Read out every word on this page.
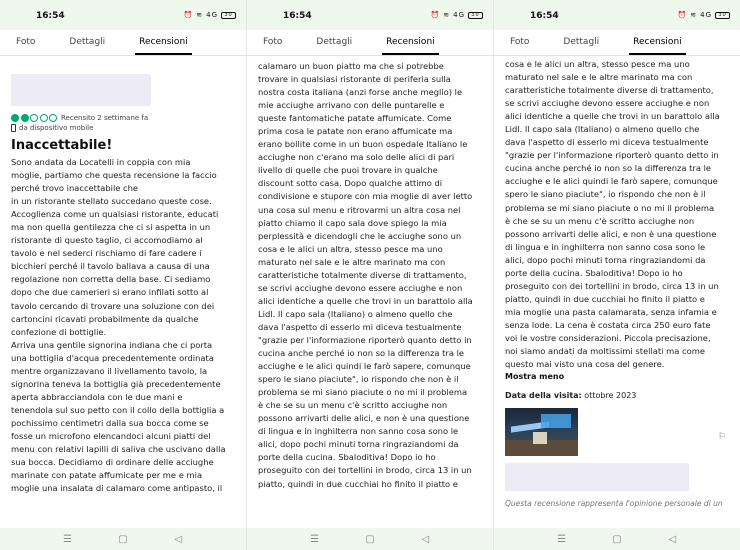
16:54	⏰ ≋ 4G	30
Foto	Dettagli	Recensioni
Recensito 2 settimane fa
da dispositivo mobile
Inaccettabile!
Sono andata da Locatelli in coppia con mia
moglie, partiamo che questa recensione la faccio
perché trovo inaccettabile che
in un ristorante stellato succedano queste cose.
Accoglienza come un qualsiasi ristorante, educati
ma non quella gentilezza che ci si aspetta in un
ristorante di questo taglio, ci accomodiamo al
tavolo e nel sederci rischiamo di fare cadere i
bicchieri perché il tavolo ballava a causa di una
regolazione non corretta della base. Ci sediamo
dopo che due camerieri si erano infilati sotto al
tavolo cercando di trovare una soluzione con dei
cartoncini ricavati probabilmente da qualche
confezione di bottiglie.
Arriva una gentile signorina indiana che ci porta
una bottiglia d'acqua precedentemente ordinata
mentre organizzavano il livellamento tavolo, la
signorina teneva la bottiglia già precedentemente
aperta abbracciandola con le due mani e
tenendola sul suo petto con il collo della bottiglia a
pochissimo centimetri dalla sua bocca come se
fosse un microfono elencandoci alcuni piatti del
menu con relativi lapilli di saliva che uscivano dalla
sua bocca. Decidiamo di ordinare delle acciughe
marinate con patate affumicate per me e mia
moglie una insalata di calamaro come antipasto, il
☰	▢	◁
16:54	⏰ ≋ 4G	30
Foto	Dettagli	Recensioni
calamaro un buon piatto ma che si potrebbe
trovare in qualsiasi ristorante di periferia sulla
nostra costa italiana (anzi forse anche meglio) le
mie acciughe arrivano con delle puntarelle e
queste fantomatiche patate affumicate. Come
prima cosa le patate non erano affumicate ma
erano bollite come in un buon ospedale Italiano le
acciughe non c'erano ma solo delle alici di pari
livello di quelle che puoi trovare in qualche
discount sotto casa. Dopo qualche attimo di
condivisione e stupore con mia moglie di aver letto
una cosa sul menu e ritrovarmi un altra cosa nel
piatto chiamo il capo sala dove spiego la mia
perplessità e dicendogli che le acciughe sono un
cosa e le alici un altra, stesso pesce ma uno
maturato nel sale e le altre marinato ma con
caratteristiche totalmente diverse di trattamento,
se scrivi acciughe devono essere acciughe e non
alici identiche a quelle che trovi in un barattolo alla
Lidl. Il capo sala (Italiano) o almeno quello che
dava l'aspetto di esserlo mi diceva testualmente
"grazie per l'informazione riporterò quanto detto in
cucina anche perché io non so la differenza tra le
acciughe e le alici quindi le farò sapere, comunque
spero le siano piaciute", io rispondo che non è il
problema se mi siano piaciute o no mi il problema
è che se su un menu c'è scritto acciughe non
possono arrivarti delle alici, e non è una questione
di lingua e in inghilterra non sanno cosa sono le
alici, dopo pochi minuti torna ringraziandomi da
porte della cucina. Sbaloditiva! Dopo io ho
proseguito con dei tortellini in brodo, circa 13 in un
piatto, quindi in due cucchiai ho finito il piatto e
☰	▢	◁
16:54	⏰ ≋ 4G	30
Foto	Dettagli	Recensioni
cosa e le alici un altra, stesso pesce ma uno
maturato nel sale e le altre marinato ma con
caratteristiche totalmente diverse di trattamento,
se scrivi acciughe devono essere acciughe e non
alici identiche a quelle che trovi in un barattolo alla
Lidl. Il capo sala (Italiano) o almeno quello che
dava l'aspetto di esserlo mi diceva testualmente
"grazie per l'informazione riporterò quanto detto in
cucina anche perché io non so la differenza tra le
acciughe e le alici quindi le farò sapere, comunque
spero le siano piaciute", io rispondo che non è il
problema se mi siano piaciute o no mi il problema
è che se su un menu c'è scritto acciughe non
possono arrivarti delle alici, e non è una questione
di lingua e in inghilterra non sanno cosa sono le
alici, dopo pochi minuti torna ringraziandomi da
porte della cucina. Sbaloditiva! Dopo io ho
proseguito con dei tortellini in brodo, circa 13 in un
piatto, quindi in due cucchiai ho finito il piatto e
mia moglie una pasta calamarata, senza infamia e
senza lode. La cena è costata circa 250 euro fate
voi le vostre considerazioni. Piccola precisazione,
noi siamo andati da moltissimi stellati ma come
questo mai visto una cosa del genere.
Mostra meno
Data della visita: ottobre 2023
Questa recensione rappresenta l'opinione personale di un
⚐
☰	▢	◁
